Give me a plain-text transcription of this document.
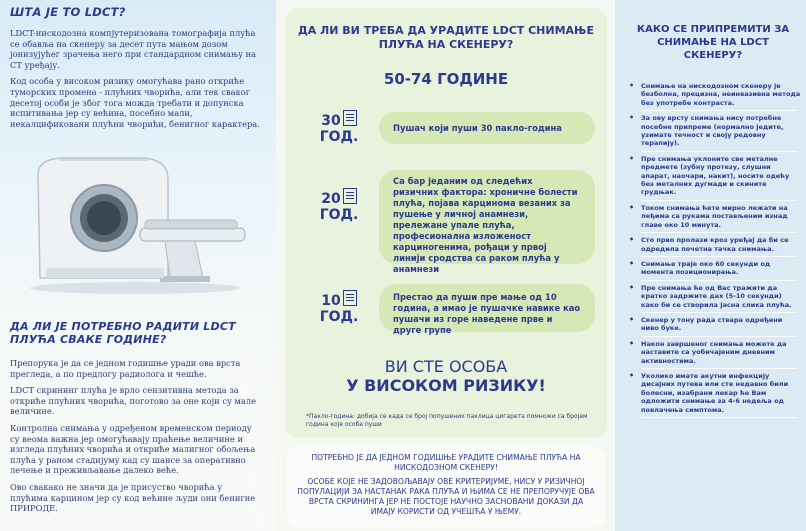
ШТА ЈЕ ТО LDCT?

LDCT-нискодозна компјутеризована томографија плућа се обавља на скенеру за десет пута мањом дозом јонизујућег зрачења него при стандардном снимању на CT уређају.

Код особа у високом ризику омогућава рано откриће туморских промена - плућних чворића, али тек сваког десетој особи је због тога можда требати и допунска испитивања јер су већина, посебно мали, некалцификовани плућни чворићи, бенигног карактера.

ДА ЛИ ЈЕ ПОТРЕБНО РАДИТИ LDCT ПЛУЋА СВАКЕ ГОДИНЕ?

Препорука је да се једном годишње уради ова врста прегледа, а по предлогу радиолога и чешће.

LDCT скрининг плућа је врло сензитивна метода за откриће плућних чворића, поготово за оне који су мале величине.

Контролна снимања у одређеном временском периоду су веома важна јер омогућавају праћење величине и изгледа плућних чворића и откриће малигног обољења плућа у раном стадијуму кад су шансе за оперативно лечење и преживљавање далеко веће.

Ово свакако не значи да је присуство чворића у плућима карцином јер су код већине људи они бенигне ПРИРОДЕ.

ДА ЛИ ВИ ТРЕБА ДА УРАДИТЕ LDCT СНИМАЊЕ ПЛУЋА НА СКЕНЕРУ?
50-74 ГОДИНЕ
30
ГОД.
Пушач који пуши 30 пакло-година
20
ГОД.
Са бар једаним од следећих ризичних фактора: хроничне болести плућа, појава карцинома везаних за пушење у личној анамнези, прележане упале плућа, професионална изложеност карциногенима, рођаци у првој линији сродства са раком плућа у анамнези
10
ГОД.
Престао да пуши пре мање од 10 година, а имао је пушачке навике као пушачи из горе наведене прве и друге групе
ВИ СТЕ ОСОБА
У ВИСОКОМ РИЗИКУ!
*Пакло-година: добија се када се број попушених паклица цигарета помножи са бројем година које особа пуши
ПОТРЕБНО ЈЕ ДА ЈЕДНОМ ГОДИШЊЕ УРАДИТЕ СНИМАЊЕ ПЛУЋА НА НИСКОДОЗНОМ СКЕНЕРУ!
ОСОБЕ КОЈЕ НЕ ЗАДОВОЉАВАЈУ ОВЕ КРИТЕРИЈУМЕ, НИСУ У РИЗИЧНОЈ ПОПУЛАЦИЈИ ЗА НАСТАНАК РАКА ПЛУЋА И ЊИМА СЕ НЕ ПРЕПОРУЧУЈЕ ОВА ВРСТА СКРИНИНГА ЈЕР НЕ ПОСТОЈЕ НАУЧНО ЗАСНОВАНИ ДОКАЗИ ДА ИМАЈУ КОРИСТИ ОД УЧЕШЋА У ЊЕМУ.
КАКО СЕ ПРИПРЕМИТИ ЗА СНИМАЊЕ НА LDCT СКЕНЕРУ?
• Снимање на нискодозном скенеру је безболна, прецизна, неинвазивна метода без употребе контраста.
• За ову врсту снимања нису потребне посебне припреме (нормално једите, узимате течност и своју редовну терапију).
• Пре снимања уклоните све металне предмете (зубну протезу, слушни апарат, наочари, накит), носите одећу без металних дугмади и скините грудњак.
• Током снимања ћете мирно лежати на леђима са рукама постављеним изнад главе око 10 минута.
• Сто прво пролази кроз уређај да би се одредила почетна тачка снимања.
• Снимање траје око 60 секунди од момента позиционирања.
• Пре снимања ће од Вас тражити да кратко задржите дах (5-10 секунди) како би се створила јасна слика плућа.
• Скенер у тону рада ствара одређени ниво буке.
• Након завршеног снимања можете да наставите са уобичајеним дневним активностима.
• Уколико имате акутни инфекцију дисајних путева или сте недавно били болесни, изабрани лекар ће Вам одложити снимање за 4-6 недеља од повлачења симптома.
